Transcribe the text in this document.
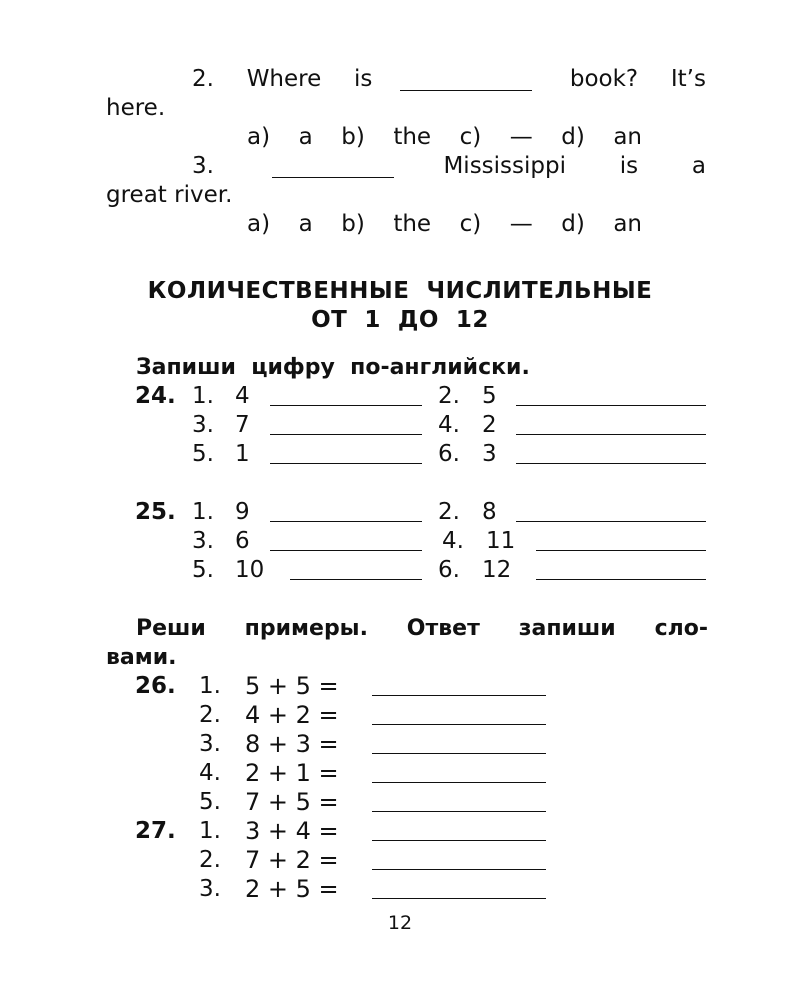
2. Where is	book? It’s
here.
a) a b) the c) — d) an
3.	Mississippi is a
great river.
a) a b) the c) — d) an
КОЛИЧЕСТВЕННЫЕ  ЧИСЛИТЕЛЬНЫЕ
ОТ  1  ДО  12
Запиши  цифру  по-английски.
24. 1. 4	2. 5
3. 7	4. 2
5. 1	6. 3
25. 1. 9	2. 8
3. 6	4. 11
5. 10	6. 12
Реши примеры. Ответ запиши сло-
вами.
26. 1. 5 + 5 =
2. 4 + 2 =
3. 8 + 3 =
4. 2 + 1 =
5. 7 + 5 =
27. 1. 3 + 4 =
2. 7 + 2 =
3. 2 + 5 =
12
